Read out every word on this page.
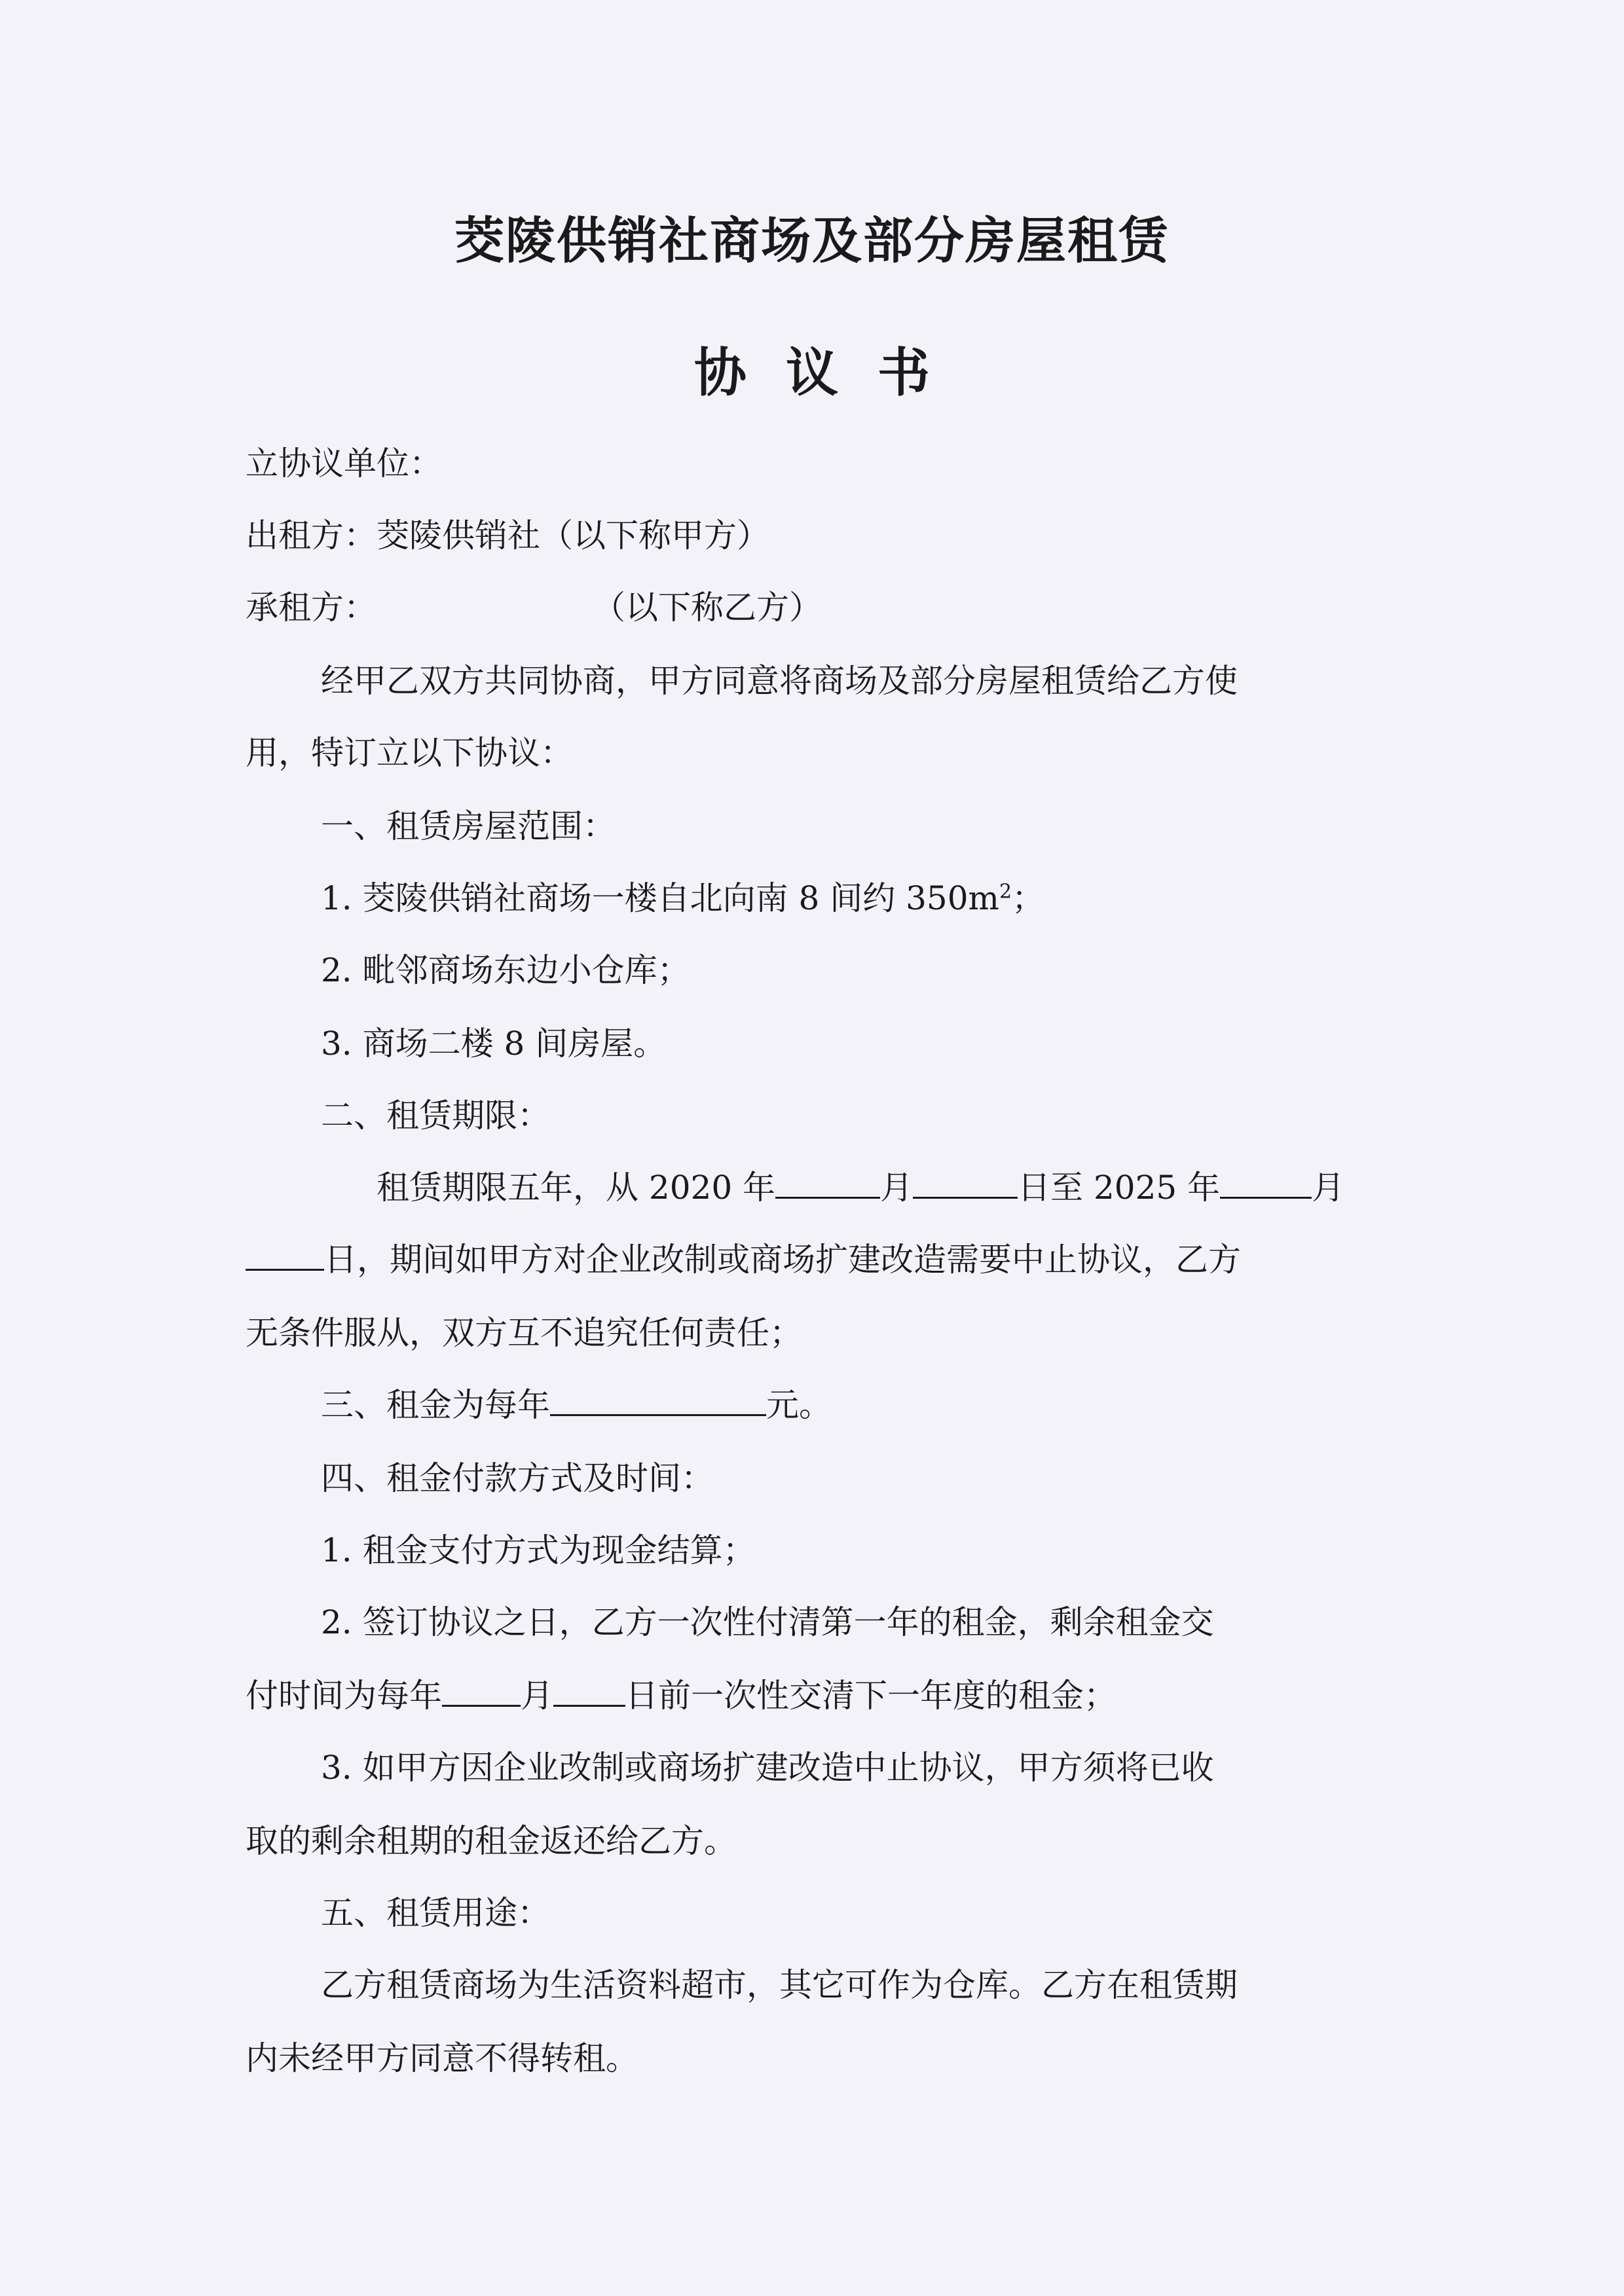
茭陵供销社商场及部分房屋租赁
协议书
立协议单位：
出租方：茭陵供销社（以下称甲方）
承租方：	（以下称乙方）
经甲乙双方共同协商，甲方同意将商场及部分房屋租赁给乙方使
用，特订立以下协议：
一、租赁房屋范围：
1. 茭陵供销社商场一楼自北向南 8 间约 $350m^2$；
2. 毗邻商场东边小仓库；
3. 商场二楼 8 间房屋。
二、租赁期限：
租赁期限五年，从 2020 年	月	日至 2025 年	月
日，期间如甲方对企业改制或商场扩建改造需要中止协议，乙方
无条件服从，双方互不追究任何责任；
三、租金为每年	元。
四、租金付款方式及时间：
1. 租金支付方式为现金结算；
2. 签订协议之日，乙方一次性付清第一年的租金，剩余租金交
付时间为每年 月 日前一次性交清下一年度的租金；
3. 如甲方因企业改制或商场扩建改造中止协议，甲方须将已收
取的剩余租期的租金返还给乙方。
五、租赁用途：
乙方租赁商场为生活资料超市，其它可作为仓库。乙方在租赁期
内未经甲方同意不得转租。
